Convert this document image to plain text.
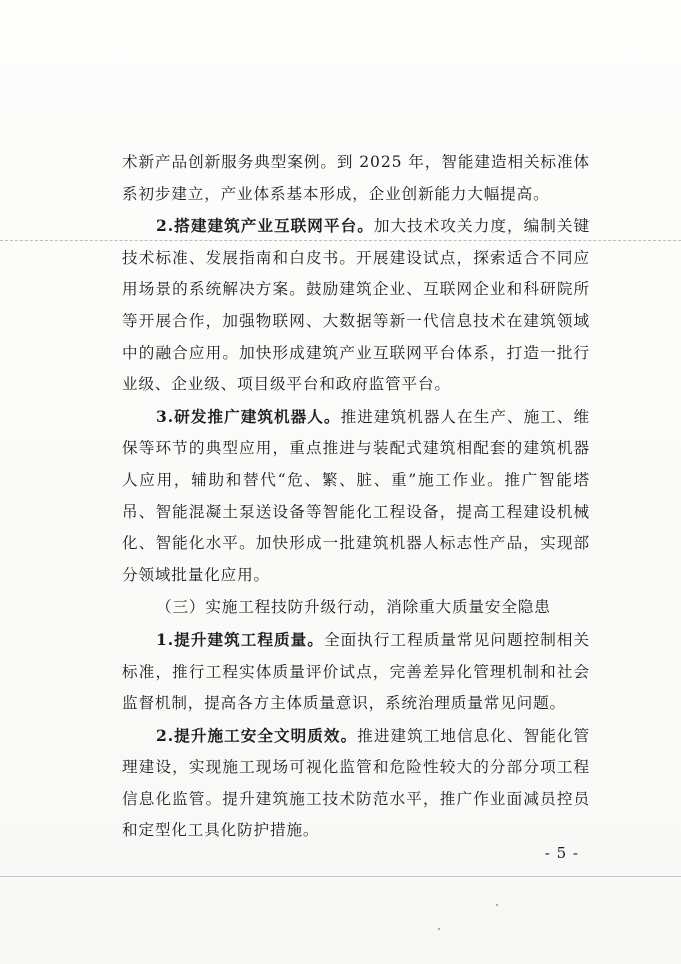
术新产品创新服务典型案例。到 2025 年，智能建造相关标准体系初步建立，产业体系基本形成，企业创新能力大幅提高。

2.搭建建筑产业互联网平台。加大技术攻关力度，编制关键技术标准、发展指南和白皮书。开展建设试点，探索适合不同应用场景的系统解决方案。鼓励建筑企业、互联网企业和科研院所等开展合作，加强物联网、大数据等新一代信息技术在建筑领域中的融合应用。加快形成建筑产业互联网平台体系，打造一批行业级、企业级、项目级平台和政府监管平台。

3.研发推广建筑机器人。推进建筑机器人在生产、施工、维保等环节的典型应用，重点推进与装配式建筑相配套的建筑机器人应用，辅助和替代“危、繁、脏、重”施工作业。推广智能塔吊、智能混凝土泵送设备等智能化工程设备，提高工程建设机械化、智能化水平。加快形成一批建筑机器人标志性产品，实现部分领域批量化应用。

（三）实施工程技防升级行动，消除重大质量安全隐患

1.提升建筑工程质量。全面执行工程质量常见问题控制相关标准，推行工程实体质量评价试点，完善差异化管理机制和社会监督机制，提高各方主体质量意识，系统治理质量常见问题。

2.提升施工安全文明质效。推进建筑工地信息化、智能化管理建设，实现施工现场可视化监管和危险性较大的分部分项工程信息化监管。提升建筑施工技术防范水平，推广作业面减员控员和定型化工具化防护措施。

- 5 -
